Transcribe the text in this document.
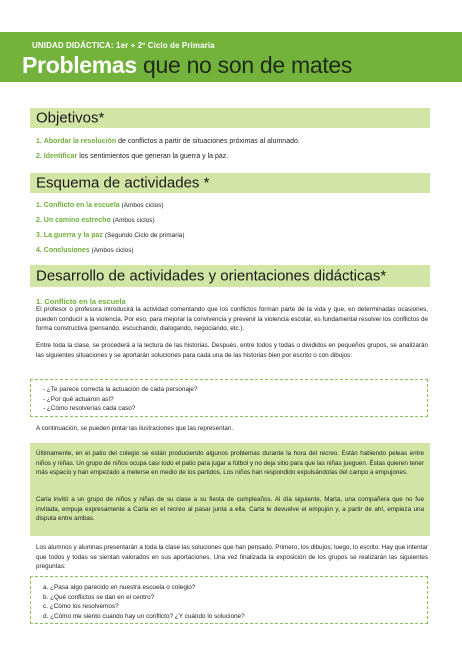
UNIDAD DIDÁCTICA: 1er + 2º Ciclo de Primaria
Problemas que no son de mates
Objetivos*
1. Abordar la resolución de conflictos a partir de situaciones próximas al alumnado.
2. Identificar los sentimientos que generan la guerra y la paz.
Esquema de actividades *
1. Conflicto en la escuela (Ambos ciclos)
2. Un camino estrecho (Ambos ciclos)
3. La guerra y la paz (Segundo Ciclo de primaria)
4. Conclusiones (Ambos ciclos)
Desarrollo de actividades y orientaciones didácticas*
1. Conflicto en la escuela

El profesor o profesora introducirá la actividad comentando que los conflictos forman parte de la vida y que, en determinadas ocasiones, pueden conducir a la violencia. Por eso, para mejorar la convivencia y prevenir la violencia escolar, es fundamental resolver los conflictos de forma constructiva (pensando, escuchando, dialogando, negociando, etc.).

Entre toda la clase, se procederá a la lectura de las historias. Después, entre todos y todas o divididos en pequeños grupos, se analizarán las siguientes situaciones y se aportarán soluciones para cada una de las historias bien por escrito o con dibujos:

- ¿Te parece correcta la actuación de cada personaje?
- ¿Por qué actuaron así?
- ¿Cómo resolverías cada caso?

A continuación, se pueden pintar las ilustraciones que las representan.

Últimamente, en el patio del colegio se están produciendo algunos problemas durante la hora del recreo. Están habiendo peleas entre niños y niñas. Un grupo de niños ocupa casi todo el patio para jugar a fútbol y no deja sitio para que las niñas jueguen. Éstas quieren tener más espacio y han empezado a meterse en medio de los partidos. Los niños han respondido expulsándolas del campo a empujones.

Carla invitó a un grupo de niños y niñas de su clase a su fiesta de cumpleaños. Al día siguiente, Marta, una compañera que no fue invitada, empuja expresamente a Carla en el recreo al pasar junta a ella. Carla le devuelve el empujón y, a partir de ahí, empieza una disputa entre ambas.

Los alumnos y alumnas presentarán a toda la clase las soluciones que han pensado. Primero, los dibujos; luego, lo escrito. Hay que intentar que todos y todas se sientan valorados en sus aportaciones. Una vez finalizada la exposición de los grupos se realizarán las siguientes preguntas:

a. ¿Pasa algo parecido en nuestra escuela o colegio?
b. ¿Qué conflictos se dan en el centro?
c. ¿Cómo los resolvemos?
d. ¿Cómo me siento cuando hay un conflicto? ¿Y cuándo lo solucione?
